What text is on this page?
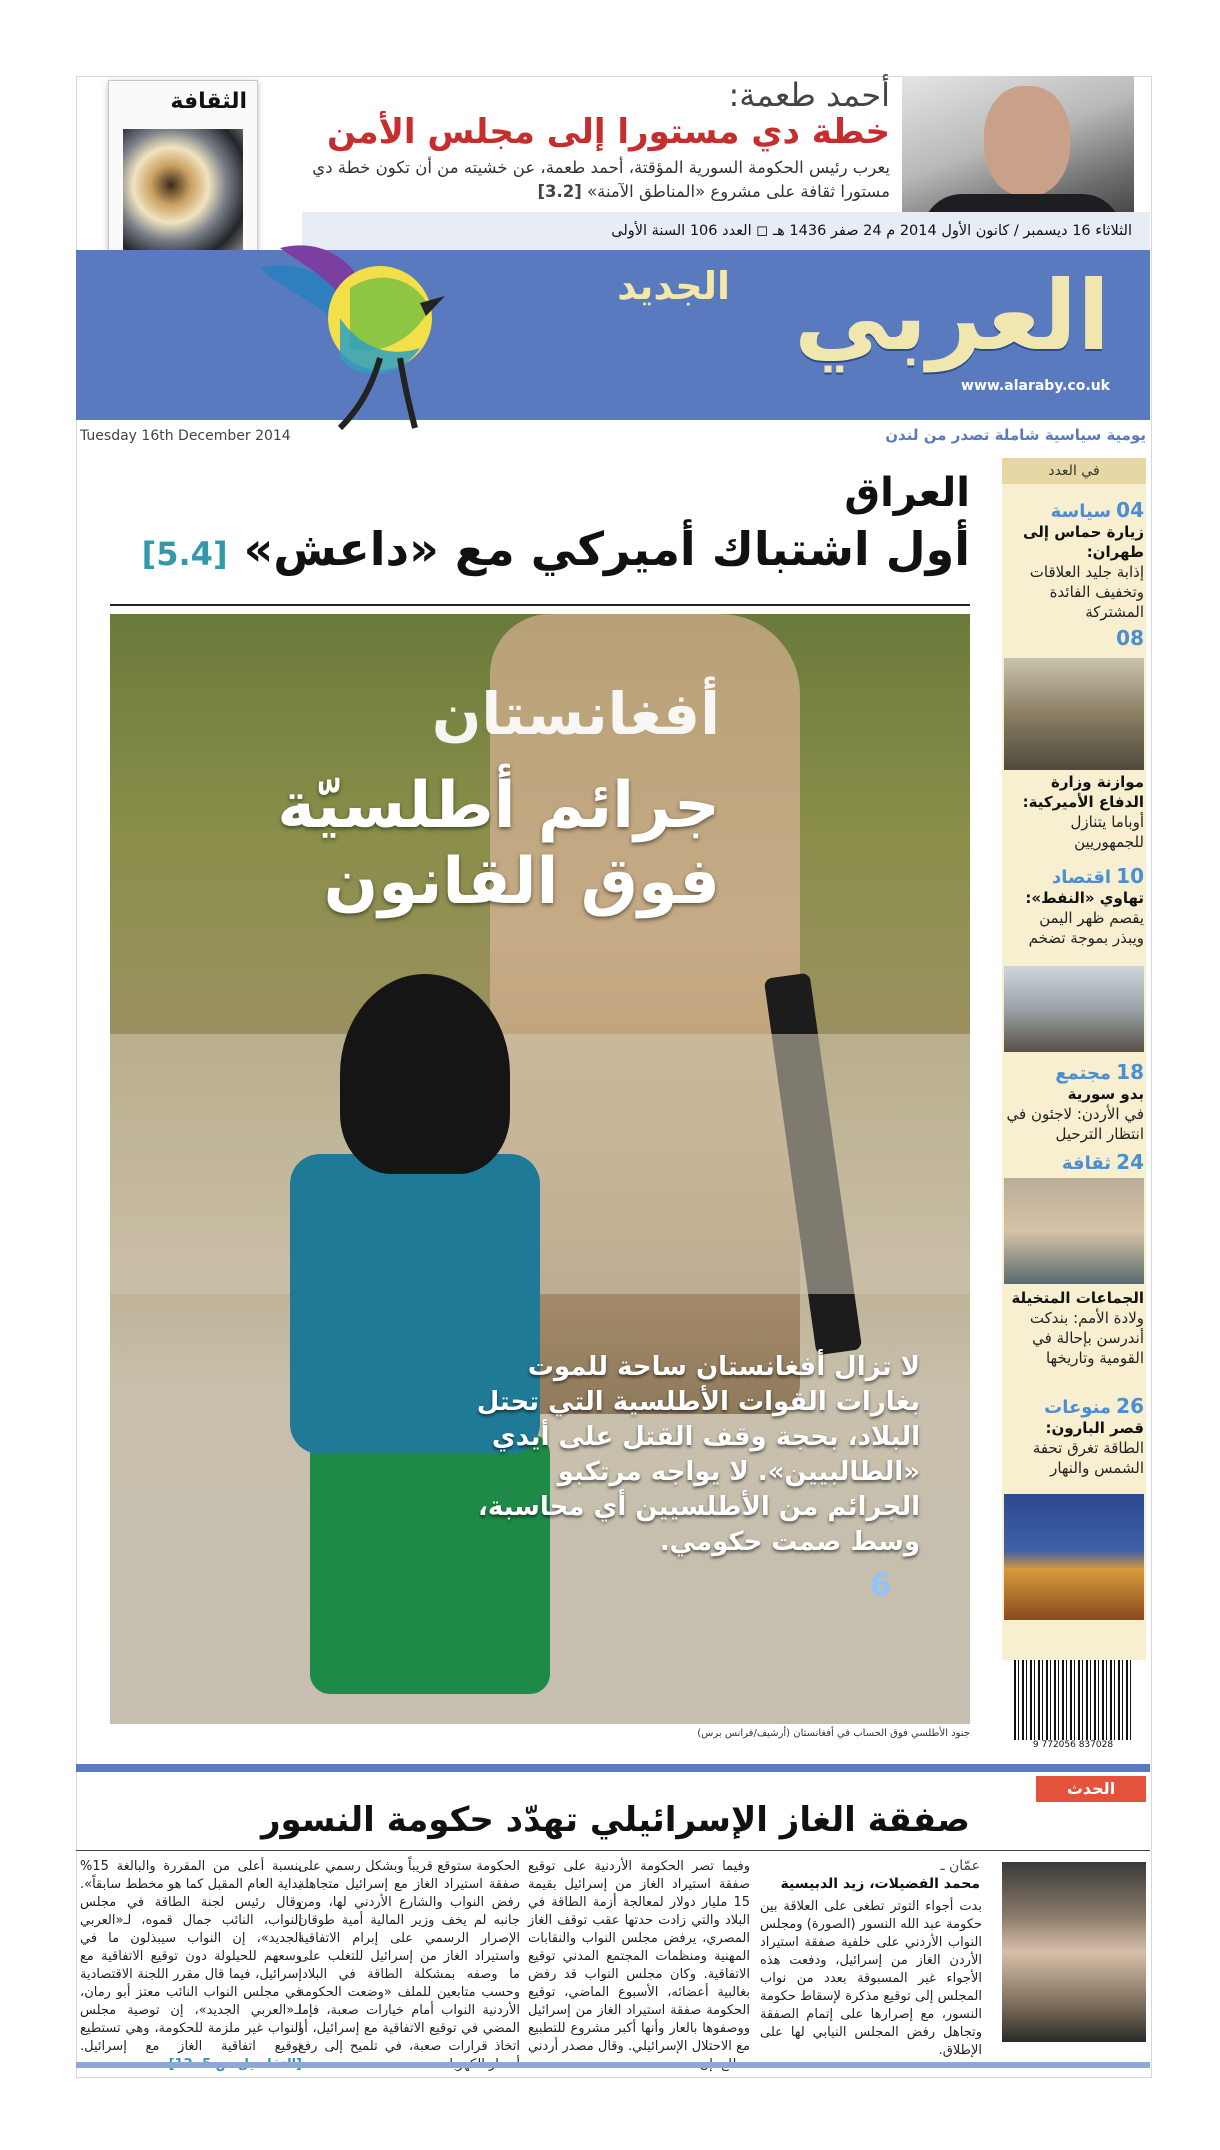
الثقافة	أحمد طعمة:
خطة دي مستورا إلى مجلس الأمن
يعرب رئيس الحكومة السورية المؤقتة، أحمد طعمة، عن خشيته من أن تكون خطة دي مستورا ثقافة على مشروع «المناطق الآمنة» [3.2]
الثلاثاء 16 ديسمبر / كانون الأول 2014 م 24 صفر 1436 هـ ◻ العدد 106 السنة الأولى
العربي
الجديد
www.alaraby.co.uk
يومية سياسية شاملة تصدر من لندن
Tuesday 16th December 2014
العراق
أول اشتباك أميركي مع «داعش» [5.4]
أفغانستان
جرائم أطلسيّة
فوق القانون
لا تزال أفغانستان ساحة للموت بغارات القوات الأطلسية التي تحتل البلاد، بحجة وقف القتل على أيدي «الطالبيين». لا يواجه مرتكبو الجرائم من الأطلسيين أي محاسبة، وسط صمت حكومي.
6
جنود الأطلسي فوق الحساب في أفغانستان (أرشيف/فرانس برس)
في العدد
04 سياسة
زيارة حماس إلى طهران:
إذابة جليد العلاقات وتخفيف الفائدة المشتركة
08
موازنة وزارة الدفاع الأميركية:
أوباما يتنازل للجمهوريين
10 اقتصاد
تهاوي «النفط»:
يقصم ظهر اليمن ويبذر بموجة تضخم
18 مجتمع
بدو سورية
في الأردن: لاجئون في انتظار الترحيل
24 ثقافة
الجماعات المتخيلة
ولادة الأمم: بندكت أندرسن بإحالة في القومية وتاريخها
26 منوعات
قصر البارون:
الطاقة تغرق تحفة الشمس والنهار
9 772056 837028
الحدث
صفقة الغاز الإسرائيلي تهدّد حكومة النسور
عمّان ـ
محمد الفضيلات، زيد الدبيسية
بدت أجواء التوتر تطغى على العلاقة بين حكومة عبد الله النسور (الصورة) ومجلس النواب الأردني على خلفية صفقة استيراد الأردن الغاز من إسرائيل، ودفعت هذه الأجواء غير المسبوقة بعدد من نواب المجلس إلى توقيع مذكرة لإسقاط حكومة النسور، مع إصرارها على إتمام الصفقة وتجاهل رفض المجلس النيابي لها على الإطلاق.
وفيما تصر الحكومة الأردنية على توقيع صفقة استيراد الغاز من إسرائيل بقيمة 15 مليار دولار لمعالجة أزمة الطاقة في البلاد والتي زادت حدتها عقب توقف الغاز المصري، يرفض مجلس النواب والنقابات المهنية ومنظمات المجتمع المدني توقيع الاتفاقية. وكان مجلس النواب قد رفض بغالبية أعضائه، الأسبوع الماضي، توقيع الحكومة صفقة استيراد الغاز من إسرائيل ووصفوها بالعار وأنها أكبر مشروع للتطبيع مع الاحتلال الإسرائيلي. وقال مصدر أردني
الحكومة ستوقع قريباً وبشكل رسمي على صفقة استيراد الغاز مع إسرائيل متجاهلة رفض النواب والشارع الأردني لها، ومن جانبه لم يخف وزير المالية أمية طوقان الإصرار الرسمي على إبرام الاتفاقية واستيراد الغاز من إسرائيل للتغلب على ما وصفه بمشكلة الطاقة في البلاد. وحسب متابعين للملف «وضعت الحكومة الأردنية النواب أمام خيارات صعبة، فإما المضي في توقيع الاتفاقية مع إسرائيل، أو اتخاذ قرارات صعبة، في تلميح إلى رفع
بنسبة أعلى من المقررة والبالغة 15% بداية العام المقبل كما هو مخطط سابقاً». وقال رئيس لجنة الطاقة في مجلس النواب، النائب جمال قموه، لـ«العربي الجديد»، إن النواب سيبذلون ما في وسعهم للحيلولة دون توقيع الاتفاقية مع إسرائيل، فيما قال مقرر اللجنة الاقتصادية في مجلس النواب النائب معتز أبو رمان، لـ«العربي الجديد»، إن توصية مجلس النواب غير ملزمة للحكومة، وهي تستطيع توقيع اتفاقية الغاز مع إسرائيل.
